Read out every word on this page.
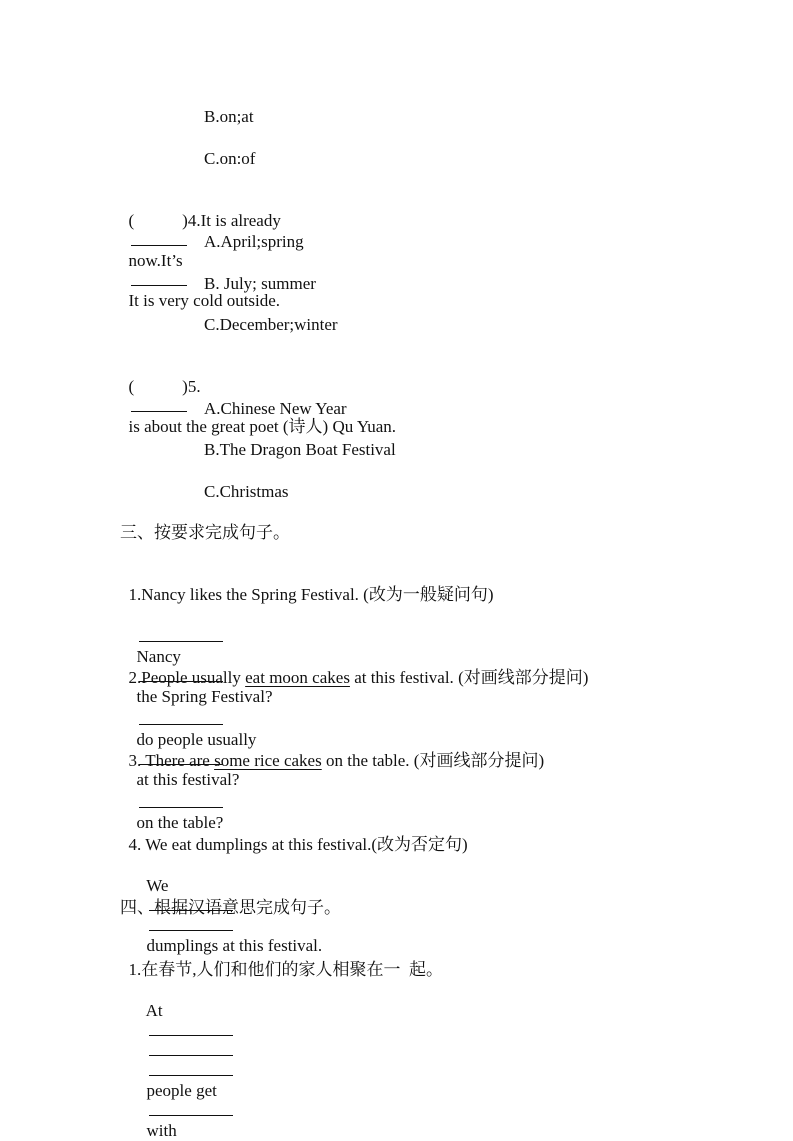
B.on;at
C.on:of

(	)4.It is already

now.It’s

It is very cold outside.

A.April;spring
B. July; summer
C.December;winter

(	)5.

is about the great poet (诗人) Qu Yuan.

A.Chinese New Year
B.The Dragon Boat Festival
C.Christmas
三、按要求完成句子。

1.Nancy likes the Spring Festival. (改为一般疑问句)

Nancy

the Spring Festival?

2.People usually eat moon cakes at this festival. (对画线部分提问)

do people usually

at this festival?

3. There are some rice cakes on the table. (对画线部分提问)

on the table?

4. We eat dumplings at this festival.(改为否定句)

We

dumplings at this festival.

四、根据汉语意思完成句子。

1.在春节,人们和他们的家人相聚在一  起。

At

people get

with
